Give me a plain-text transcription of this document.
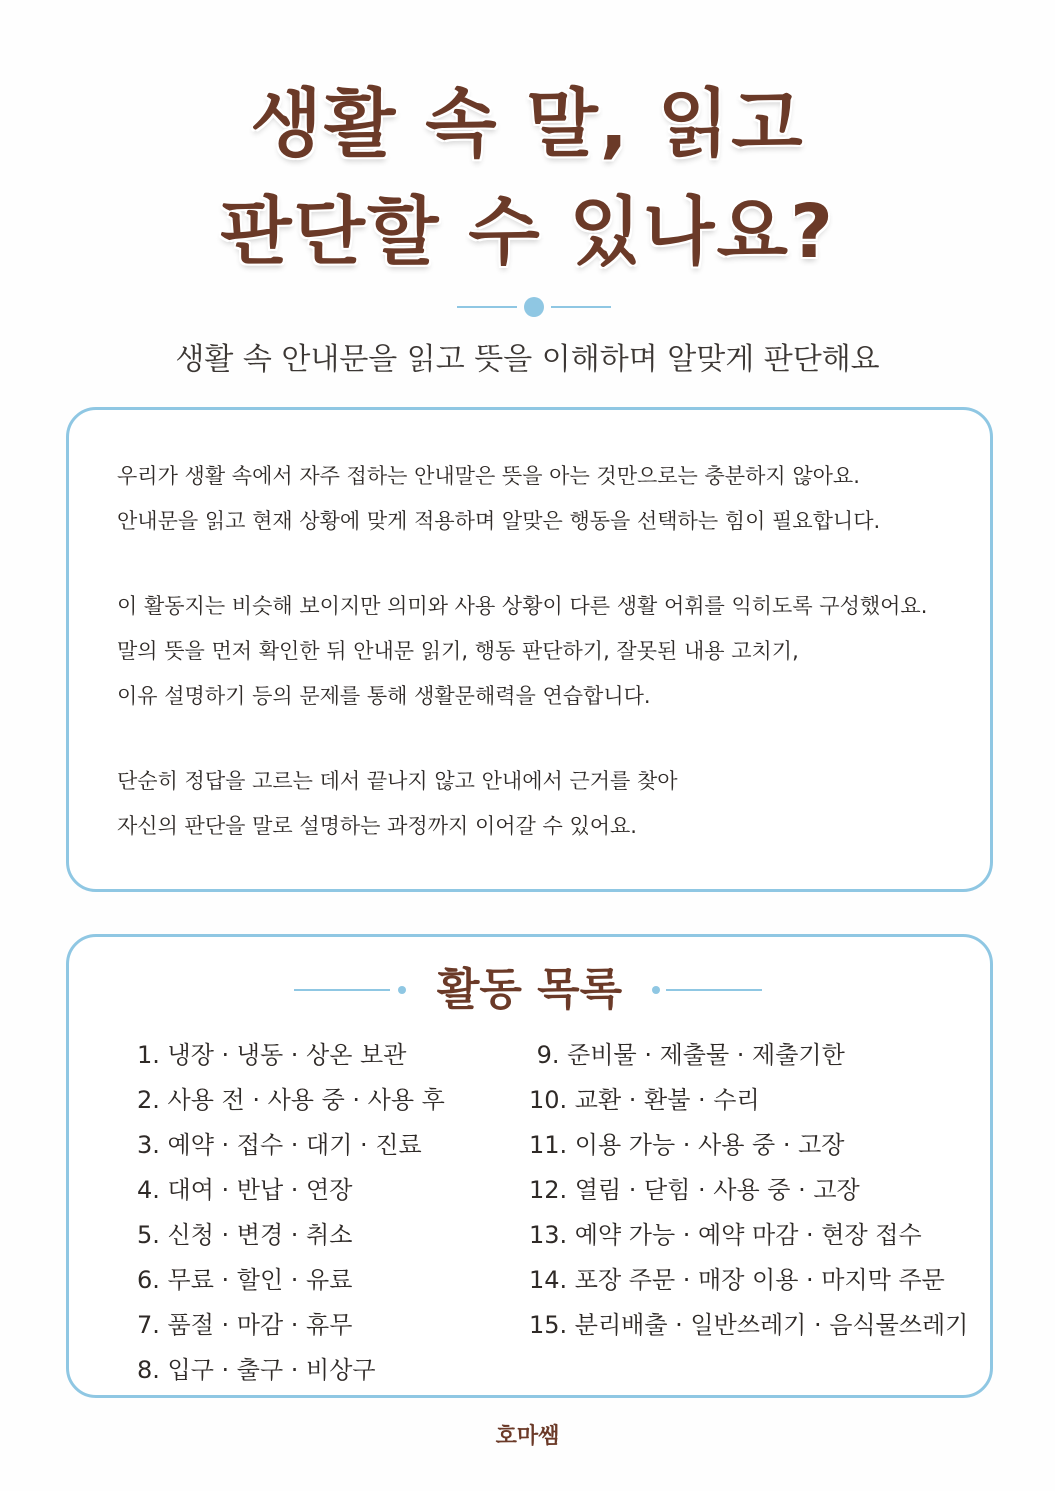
생활 속 말, 읽고
판단할 수 있나요?
생활 속 안내문을 읽고 뜻을 이해하며 알맞게 판단해요

우리가 생활 속에서 자주 접하는 안내말은 뜻을 아는 것만으로는 충분하지 않아요.
안내문을 읽고 현재 상황에 맞게 적용하며 알맞은 행동을 선택하는 힘이 필요합니다.

이 활동지는 비슷해 보이지만 의미와 사용 상황이 다른 생활 어휘를 익히도록 구성했어요.
말의 뜻을 먼저 확인한 뒤 안내문 읽기, 행동 판단하기, 잘못된 내용 고치기,
이유 설명하기 등의 문제를 통해 생활문해력을 연습합니다.

단순히 정답을 고르는 데서 끝나지 않고 안내에서 근거를 찾아
자신의 판단을 말로 설명하는 과정까지 이어갈 수 있어요.

활동 목록
1. 냉장 · 냉동 · 상온 보관
2. 사용 전 · 사용 중 · 사용 후
3. 예약 · 접수 · 대기 · 진료
4. 대여 · 반납 · 연장
5. 신청 · 변경 · 취소
6. 무료 · 할인 · 유료
7. 품절 · 마감 · 휴무
8. 입구 · 출구 · 비상구
9. 준비물 · 제출물 · 제출기한
10. 교환 · 환불 · 수리
11. 이용 가능 · 사용 중 · 고장
12. 열림 · 닫힘 · 사용 중 · 고장
13. 예약 가능 · 예약 마감 · 현장 접수
14. 포장 주문 · 매장 이용 · 마지막 주문
15. 분리배출 · 일반쓰레기 · 음식물쓰레기
호마쌤
